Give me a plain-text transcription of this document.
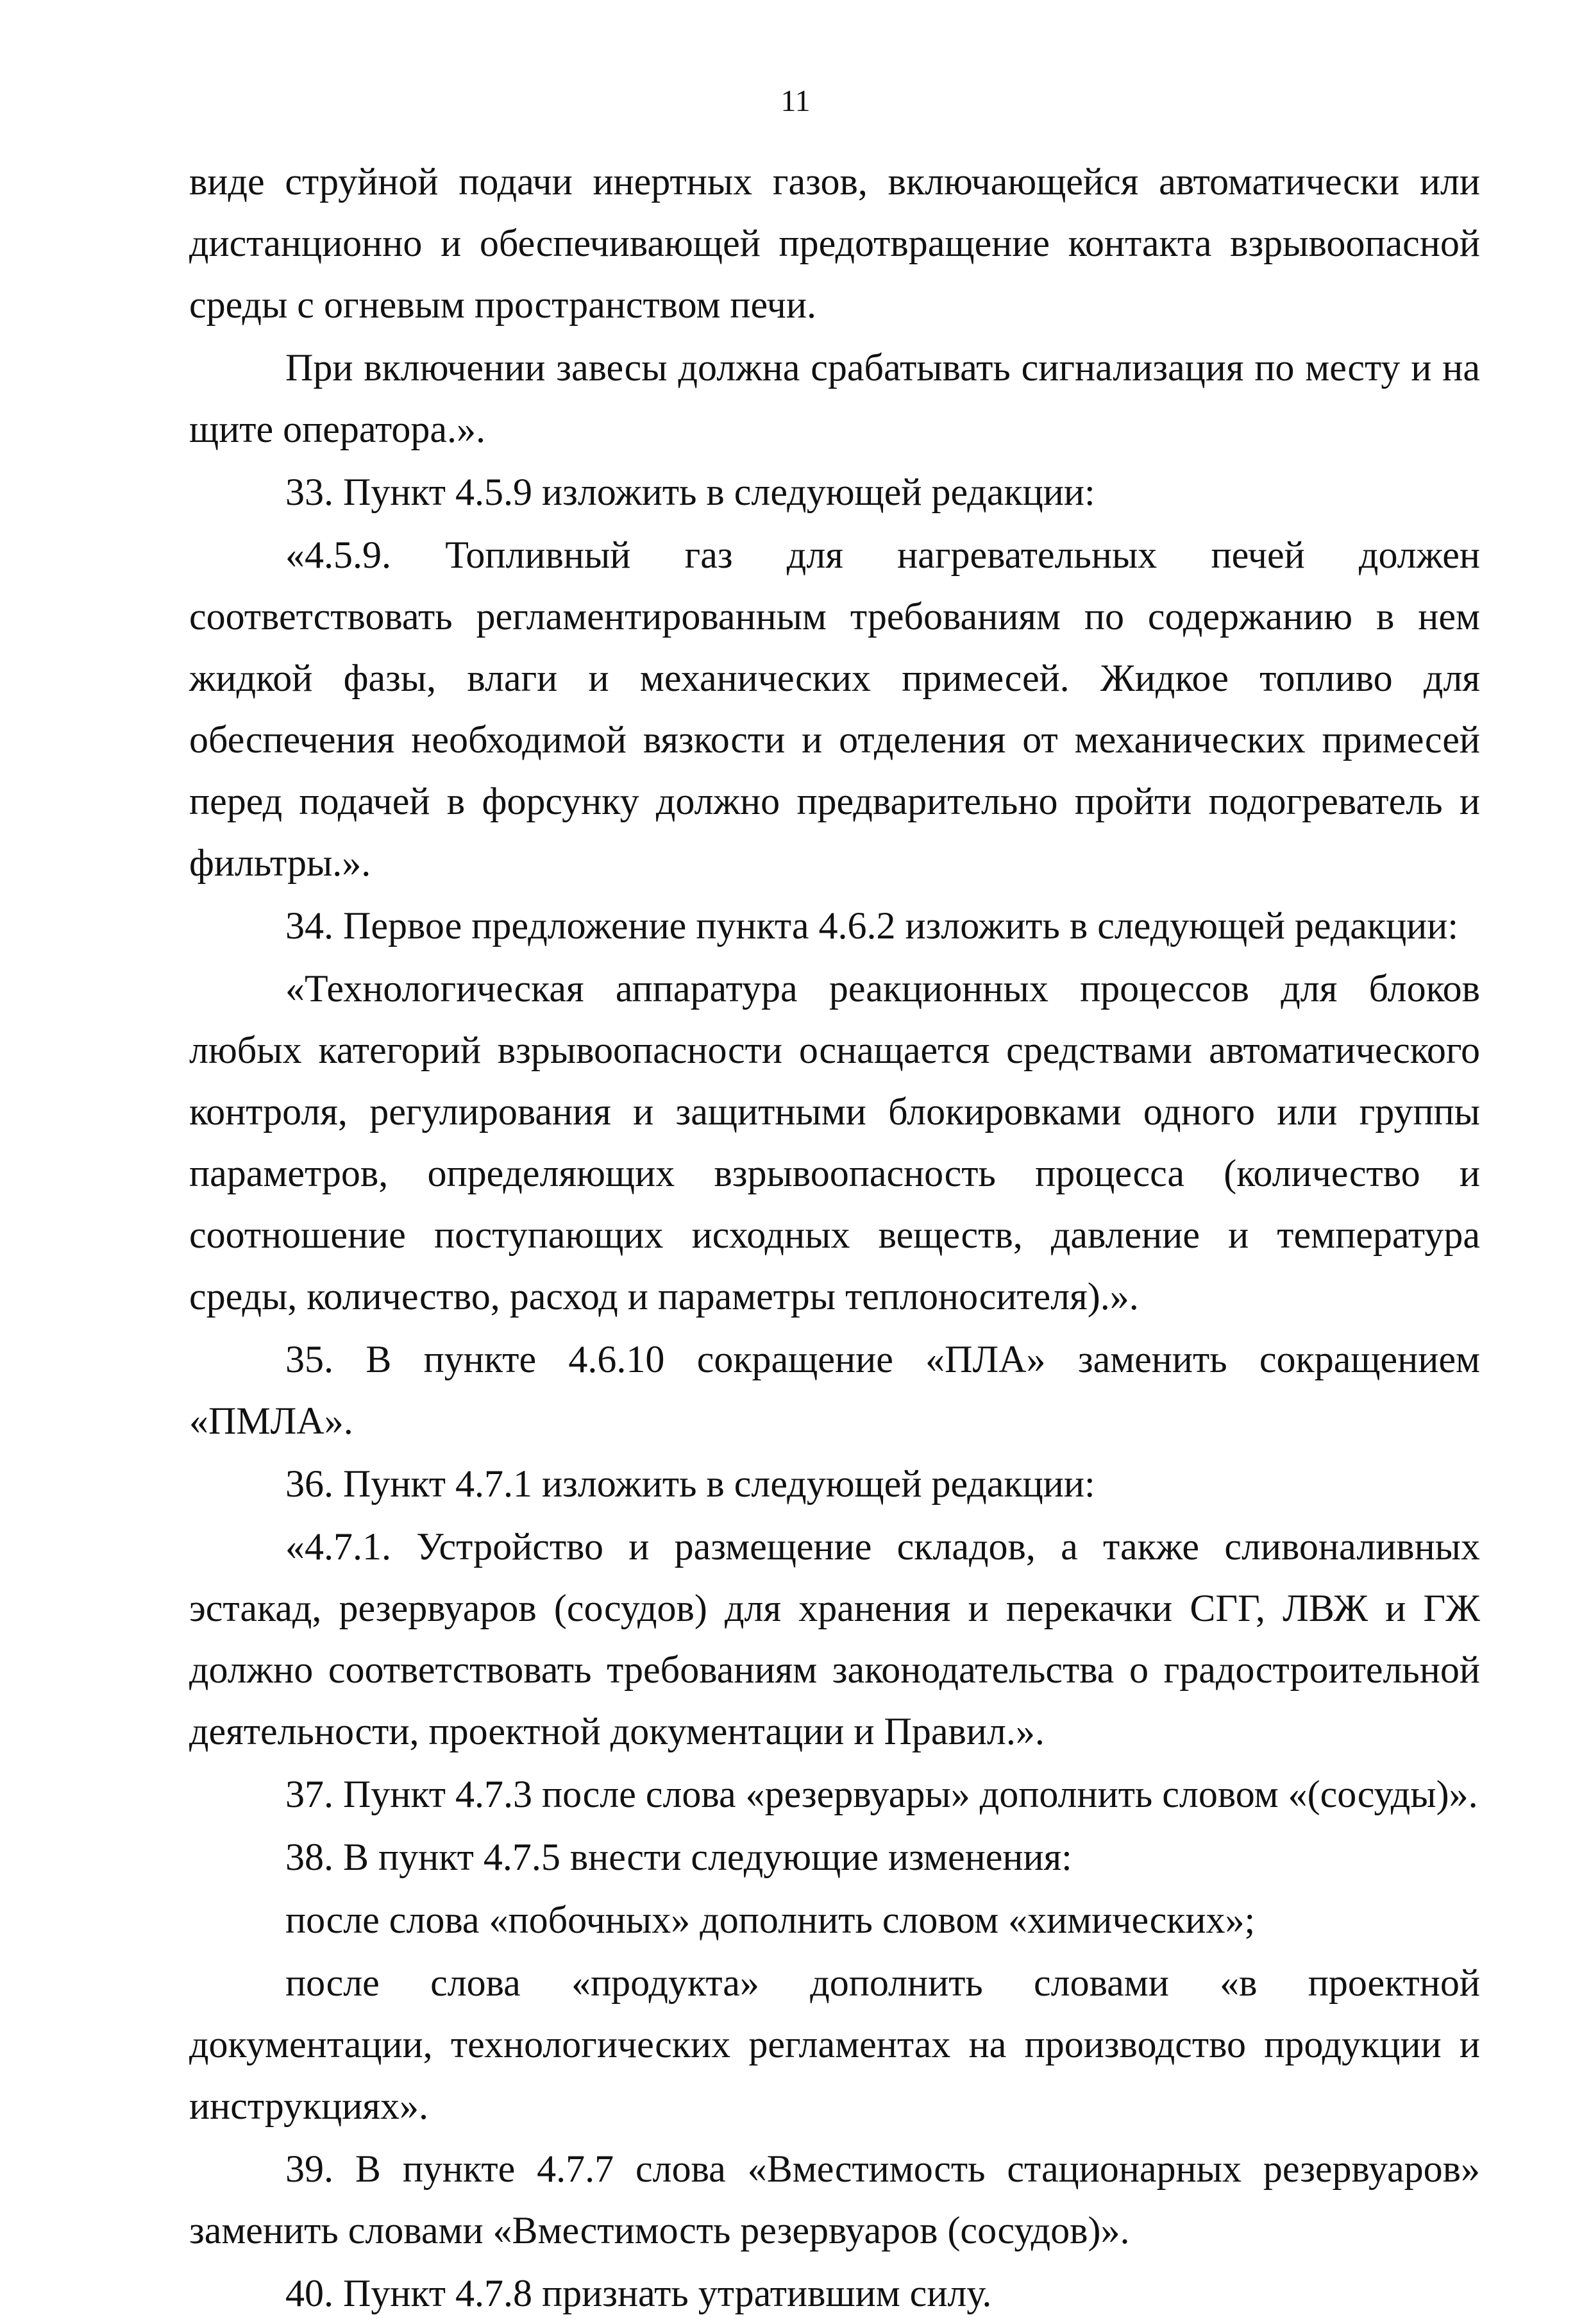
11

виде струйной подачи инертных газов, включающейся автоматически или дистанционно и обеспечивающей предотвращение контакта взрывоопасной среды с огневым пространством печи.

При включении завесы должна срабатывать сигнализация по месту и на щите оператора.».

33. Пункт 4.5.9 изложить в следующей редакции:

«4.5.9. Топливный газ для нагревательных печей должен соответствовать регламентированным требованиям по содержанию в нем жидкой фазы, влаги и механических примесей. Жидкое топливо для обеспечения необходимой вязкости и отделения от механических примесей перед подачей в форсунку должно предварительно пройти подогреватель и фильтры.».

34. Первое предложение пункта 4.6.2 изложить в следующей редакции:

«Технологическая аппаратура реакционных процессов для блоков любых категорий взрывоопасности оснащается средствами автоматического контроля, регулирования и защитными блокировками одного или группы параметров, определяющих взрывоопасность процесса (количество и соотношение поступающих исходных веществ, давление и температура среды, количество, расход и параметры теплоносителя).».

35. В пункте 4.6.10 сокращение «ПЛА» заменить сокращением «ПМЛА».

36. Пункт 4.7.1 изложить в следующей редакции:

«4.7.1. Устройство и размещение складов, а также сливоналивных эстакад, резервуаров (сосудов) для хранения и перекачки СГГ, ЛВЖ и ГЖ должно соответствовать требованиям законодательства о градостроительной деятельности, проектной документации и Правил.».

37. Пункт 4.7.3 после слова «резервуары» дополнить словом «(сосуды)».

38. В пункт 4.7.5 внести следующие изменения:

после слова «побочных» дополнить словом «химических»;

после слова «продукта» дополнить словами «в проектной документации, технологических регламентах на производство продукции и инструкциях».

39. В пункте 4.7.7 слова «Вместимость стационарных резервуаров» заменить словами «Вместимость резервуаров (сосудов)».

40. Пункт 4.7.8 признать утратившим силу.
